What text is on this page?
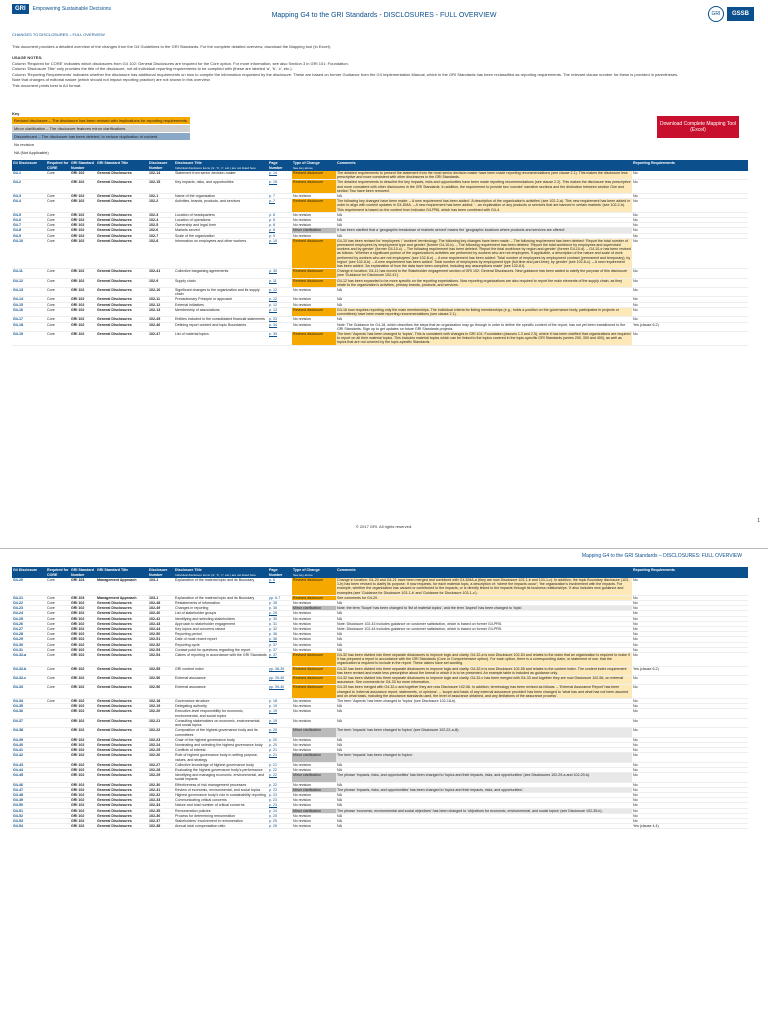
GRI	Empowering Sustainable Decisions
Mapping G4 to the GRI Standards - DISCLOSURES - FULL OVERVIEW	GRI	GSSB
CHANGES TO DISCLOSURES – FULL OVERVIEW

This document provides a detailed overview of the changes from the G4 Guidelines to the GRI Standards. For the complete detailed overview, download the Mapping tool (in Excel).

USAGE NOTES:
Column 'Required for CORE' indicates which disclosures from G4 102: General Disclosures are required for the Core option. For more information, see also Section 3 in GRI 101: Foundation.
Column 'Disclosure Title' only provides the title of the disclosure, not all individual reporting requirements to be complied with (these are labeled 'a', 'b', 'c', etc.).
Column 'Reporting Requirements' indicates whether the disclosure has additional requirements on how to compile the information requested by the disclosure. These are based on former Guidance from the G4 Implementation Manual, which in the GRI Standards has been reclassified as reporting requirements. The relevant clause number for these is provided in parentheses.
Note that changes of editorial nature (which should not impact reporting practice) are not shown in this overview.
This document prints best in A4 format.
Key
Revised disclosure – The disclosure has been revised with implications for reporting requirements.
Minor clarification – The disclosure features minor clarifications.
Discontinued – The disclosure has been deleted, to reduce duplication of content.
No revision
NA (Not Applicable)
Download Complete Mapping Tool (Excel)
G4 Disclosure	Required for CORE	GRI Standard Number	GRI Standard Title	Disclosure Number	Disclosure Title
Individual disclosure items ('a', 'b', 'c', etc.) are not listed here	Page Number	Type of Change
See key above	Comments	Reporting Requirements
G4-1	Core	GRI 102	General Disclosures	102-14	Statement from senior decision-maker	p. 14	Revised disclosure	The detailed requirements to present the statement from the most senior decision-maker have been made reporting recommendations (see clause 2.1). This makes the disclosure less prescriptive and more consistent with other disclosures in the GRI Standards.	No
G4-2		GRI 102	General Disclosures	102-15	Key impacts, risks, and opportunities	p. 15	Revised disclosure	The detailed requirements to describe the key impacts, risks and opportunities have been made reporting recommendations (see clause 2.2). This makes the disclosure less prescriptive and more consistent with other disclosures in the GRI Standards. In addition, the requirement to provide two 'concise' narrative sections and the distinction between section One and section Two have been removed.	No
G4-3	Core	GRI 102	General Disclosures	102-1	Name of the organization	p. 7	No revision	NA	No
G4-4	Core	GRI 102	General Disclosures	102-2	Activities, brands, products, and services	p. 7	Revised disclosure	The following key changes have been made: – A new requirement has been added: 'A description of the organization's activities' (see 102-2-a). This new requirement has been added in order to align with content updates in G4-DMA. – A new requirement has been added: '...an explanation of any products or services that are banned in certain markets' (see 102-2-b). This requirement is based on the content from Indicator G4-PR6, which has been combined with G4-4.	No
G4-5	Core	GRI 102	General Disclosures	102-3	Location of headquarters	p. 8	No revision	NA	No
G4-6	Core	GRI 102	General Disclosures	102-4	Location of operations	p. 8	No revision	NA	No
G4-7	Core	GRI 102	General Disclosures	102-5	Ownership and legal form	p. 8	No revision	NA	No
G4-8	Core	GRI 102	General Disclosures	102-6	Markets served	p. 8	Minor clarification	It has been clarified that a 'geographic breakdown of markets served' means the 'geographic locations where products and services are offered'.	No
G4-9	Core	GRI 102	General Disclosures	102-7	Scale of the organization	p. 9	No revision	NA	No
G4-10	Core	GRI 102	General Disclosures	102-8	Information on employees and other workers	p. 10	Revised disclosure	G4-10 has been revised for 'employees' / 'workers' terminology. The following key changes have been made: – The following requirement has been deleted: 'Report the total number of permanent employees by employment type and gender' (former G4-10-b). – The following requirement has been deleted: 'Report the total workforce by employees and supervised workers and by gender' (former G4-10-c). – The following requirement has been deleted: 'Report the total workforce by region and gender' (former G4-10-d). – G4-10-e has been revised as follows: 'Whether a significant portion of the organization's activities are performed by workers who are not employees. If applicable, a description of the nature and scale of work performed by workers who are not employees' (see 102-8-e). – A new requirement has been added: 'Total number of employees by employment contract (permanent and temporary), by region' (see 102-8-b). – A new requirement has been added: 'Total number of employees by employment type (full-time and part-time), by gender' (see 102-8-c). – A new requirement has been added: 'An explanation of how the data have been compiled, including any assumptions made' (see 102-8-f).	No
G4-11	Core	GRI 102	General Disclosures	102-41	Collective bargaining agreements	p. 30	Revised disclosure	Change in location: G4-11 has moved to the Stakeholder engagement section of GRI 102: General Disclosures. New guidance has been added to clarify the purpose of this disclosure (see 'Guidance for Disclosure 102-41').	No
G4-12	Core	GRI 102	General Disclosures	102-9	Supply chain	p. 11	Revised disclosure	G4-12 has been expanded to be more specific on the reporting expectations. Now reporting organizations are also required to report the main elements of the supply chain, as they relate to the organization's activities, primary brands, products, and services.	No
G4-13	Core	GRI 102	General Disclosures	102-10	Significant changes to the organization and its supply chain	p. 12	No revision	NA	No
G4-14	Core	GRI 102	General Disclosures	102-11	Precautionary Principle or approach	p. 12	No revision	NA	No
G4-15	Core	GRI 102	General Disclosures	102-12	External initiatives	p. 12	No revision	NA	No
G4-16	Core	GRI 102	General Disclosures	102-13	Membership of associations	p. 13	Revised disclosure	G4-16 now requires reporting only the main memberships. The individual criteria for listing memberships (e.g., holds a position on the governance body, participates in projects or committees) have been made reporting recommendations (see clause 2.1).	No
G4-17	Core	GRI 102	General Disclosures	102-45	Entities included in the consolidated financial statements	p. 33	No revision	NA	No
G4-18	Core	GRI 102	General Disclosures	102-46	Defining report content and topic Boundaries	p. 34	No revision	Note: The Guidance for G4-18, which describes the steps that an organization may go through in order to define the specific content of the report, has not yet been transitioned to the GRI Standards. Sign up to get updates on future GRI Standards projects.	Yes (clause 6.2)
G4-19	Core	GRI 102	General Disclosures	102-47	List of material topics	p. 35	Revised disclosure	The term 'Aspects' has been changed to 'topics'. This is consistent with changes in GRI 101: Foundation (clauses 1.3 and 2.5), where it has been clarified that organizations are required to report on all their material topics. This includes material topics which can be linked to the topics covered in the topic-specific GRI Standards (series 200, 300 and 400), as well as topics that are not covered by the topic-specific Standards.	No
1
© 2017 GRI. All rights reserved.
Mapping G4 to the GRI Standards – DISCLOSURES: FULL OVERVIEW
G4 Disclosure	Required for CORE	GRI Standard Number	GRI Standard Title	Disclosure Number	Disclosure Title
Individual disclosure items ('a', 'b', 'c', etc.) are not listed here	Page Number	Type of Change
See key above	Comments	Reporting Requirements
G4-20	Core	GRI 103	Management Approach	103-1	Explanation of the material topic and its Boundary	p. 6	Revised disclosure	Change in location: G4-20 and G4-21 have been merged and combined with G4-DMA-a (they are now Disclosure 103-1-b and 103-1-c). In addition, the topic Boundary disclosure (103-1-b) has been revised to clarify its purpose. It now requests, for each material topic, a description of: 'where the impacts occur'; 'the organization's involvement with the impacts. For example, whether the organization has caused or contributed to the impacts, or is directly linked to the impacts through its business relationships.' It also includes new guidance and examples (see 'Guidance for Disclosure 103-1-b' and 'Guidance for Disclosure 103-1-c').	No
G4-21	Core	GRI 103	Management Approach	103-1	Explanation of the material topic and its Boundary	pp. 6-7	Revised disclosure	See comments for G4-20.	No
G4-22	Core	GRI 102	General Disclosures	102-48	Restatements of information	p. 35	No revision	NA	No
G4-23	Core	GRI 102	General Disclosures	102-49	Changes in reporting	p. 36	Minor clarification	Note: the term 'Scope' has been changed to 'list of material topics', and the term 'Aspect' has been changed to 'topic'.	No
G4-24	Core	GRI 102	General Disclosures	102-40	List of stakeholder groups	p. 29	No revision	NA	No
G4-25	Core	GRI 102	General Disclosures	102-42	Identifying and selecting stakeholders	p. 30	No revision	NA	No
G4-26	Core	GRI 102	General Disclosures	102-43	Approach to stakeholder engagement	p. 31	No revision	Note: Disclosure 102-43 includes guidance on customer satisfaction, which is based on former G4-PR5.	No
G4-27	Core	GRI 102	General Disclosures	102-44	Key topics and concerns raised	p. 32	No revision	Note: Disclosure 102-44 includes guidance on customer satisfaction, which is based on former G4-PR5.	No
G4-28	Core	GRI 102	General Disclosures	102-50	Reporting period	p. 36	No revision	NA	No
G4-29	Core	GRI 102	General Disclosures	102-51	Date of most recent report	p. 36	No revision	NA	No
G4-30	Core	GRI 102	General Disclosures	102-52	Reporting cycle	p. 37	No revision	NA	No
G4-31	Core	GRI 102	General Disclosures	102-53	Contact point for questions regarding the report	p. 37	No revision	NA	No
G4-32-a	Core	GRI 102	General Disclosures	102-54	Claims of reporting in accordance with the GRI Standards	p. 37	Revised disclosure	G4-32 has been divided into three separate disclosures to improve logic and clarity. G4-32-a is now Disclosure 102-54 and relates to the claim that an organization is required to make if it has prepared a report in accordance with the GRI Standards (Core or Comprehensive option). For each option, there is a corresponding claim, or statement of use, that the organization is required to include in the report. These claims have set wording.	No
G4-32-b	Core	GRI 102	General Disclosures	102-55	GRI content index	pp. 38-39	Revised disclosure	G4-32 has been divided into three separate disclosures to improve logic and clarity. G4-32-b is now Disclosure 102-55 and relates to the content index. The content index requirement has been revised and made less prescriptive about the format in which it is to be presented. An example table is included as guidance only.	Yes (clause 6.2)
G4-32-c	Core	GRI 102	General Disclosures	102-56	External assurance	pp. 39-40	Revised disclosure	G4-32 has been divided into three separate disclosures to improve logic and clarity. G4-32-c has been merged with G4-33 and together they are now Disclosure 102-56, on external assurance. See comments for G4-33 for more information.	No
G4-33	Core	GRI 102	General Disclosures	102-56	External assurance	pp. 39-40	Revised disclosure	G4-33 has been merged with G4-32-c and together they are now Disclosure 102-56. In addition, terminology has been revised as follows: – 'External Assurance Report' has been changed to 'external assurance report, statements, or opinions'. – 'scope and basis of any external assurance provided' has been changed to 'what has and what has not been assured and on what basis, including the assurance standards used, the level of assurance obtained, and any limitations of the assurance process'.	No
G4-34	Core	GRI 102	General Disclosures	102-18	Governance structure	p. 18	No revision	The term 'Aspects' has been changed to 'topics' (see Disclosure 102-18-b).	No
G4-35		GRI 102	General Disclosures	102-19	Delegating authority	p. 19	No revision	NA	No
G4-36		GRI 102	General Disclosures	102-20	Executive-level responsibility for economic, environmental, and social topics	p. 19	No revision	NA	No
G4-37		GRI 102	General Disclosures	102-21	Consulting stakeholders on economic, environmental, and social topics	p. 19	No revision	NA	No
G4-38		GRI 102	General Disclosures	102-22	Composition of the highest governance body and its committees	p. 20	Minor clarification	The term 'impacts' has been changed to 'topics' (see Disclosure 102-22-a-iii).	No
G4-39		GRI 102	General Disclosures	102-23	Chair of the highest governance body	p. 20	No revision	NA	No
G4-40		GRI 102	General Disclosures	102-24	Nominating and selecting the highest governance body	p. 20	No revision	NA	No
G4-41		GRI 102	General Disclosures	102-25	Conflicts of interest	p. 21	No revision	NA	No
G4-42		GRI 102	General Disclosures	102-26	Role of highest governance body in setting purpose, values, and strategy	p. 21	Minor clarification	The term 'impacts' has been changed to 'topics'.	No
G4-43		GRI 102	General Disclosures	102-27	Collective knowledge of highest governance body	p. 21	No revision	NA	No
G4-44		GRI 102	General Disclosures	102-28	Evaluating the highest governance body's performance	p. 22	No revision	NA	No
G4-45		GRI 102	General Disclosures	102-29	Identifying and managing economic, environmental, and social impacts	p. 22	Minor clarification	The phrase 'impacts, risks, and opportunities' has been changed to 'topics and their impacts, risks, and opportunities' (see Disclosures 102-29-a and 102-29-b).	No
G4-46		GRI 102	General Disclosures	102-30	Effectiveness of risk management processes	p. 22	No revision	NA	No
G4-47		GRI 102	General Disclosures	102-31	Review of economic, environmental, and social topics	p. 23	Minor clarification	The phrase 'impacts, risks, and opportunities' has been changed to 'topics and their impacts, risks, and opportunities'.	No
G4-48		GRI 102	General Disclosures	102-32	Highest governance body's role in sustainability reporting	p. 23	No revision	NA	No
G4-49		GRI 102	General Disclosures	102-33	Communicating critical concerns	p. 23	No revision	NA	No
G4-50		GRI 102	General Disclosures	102-34	Nature and total number of critical concerns	p. 23	No revision	NA	No
G4-51		GRI 102	General Disclosures	102-35	Remuneration policies	p. 24	Minor clarification	The phrase 'economic, environmental and social objectives' has been changed to 'objectives for economic, environmental, and social topics' (see Disclosure 102-35-b).	No
G4-52		GRI 102	General Disclosures	102-36	Process for determining remuneration	p. 25	No revision	NA	No
G4-53		GRI 102	General Disclosures	102-37	Stakeholders' involvement in remuneration	p. 25	No revision	NA	No
G4-54		GRI 102	General Disclosures	102-38	Annual total compensation ratio	p. 26	No revision	NA	Yes (clause 4.4)
